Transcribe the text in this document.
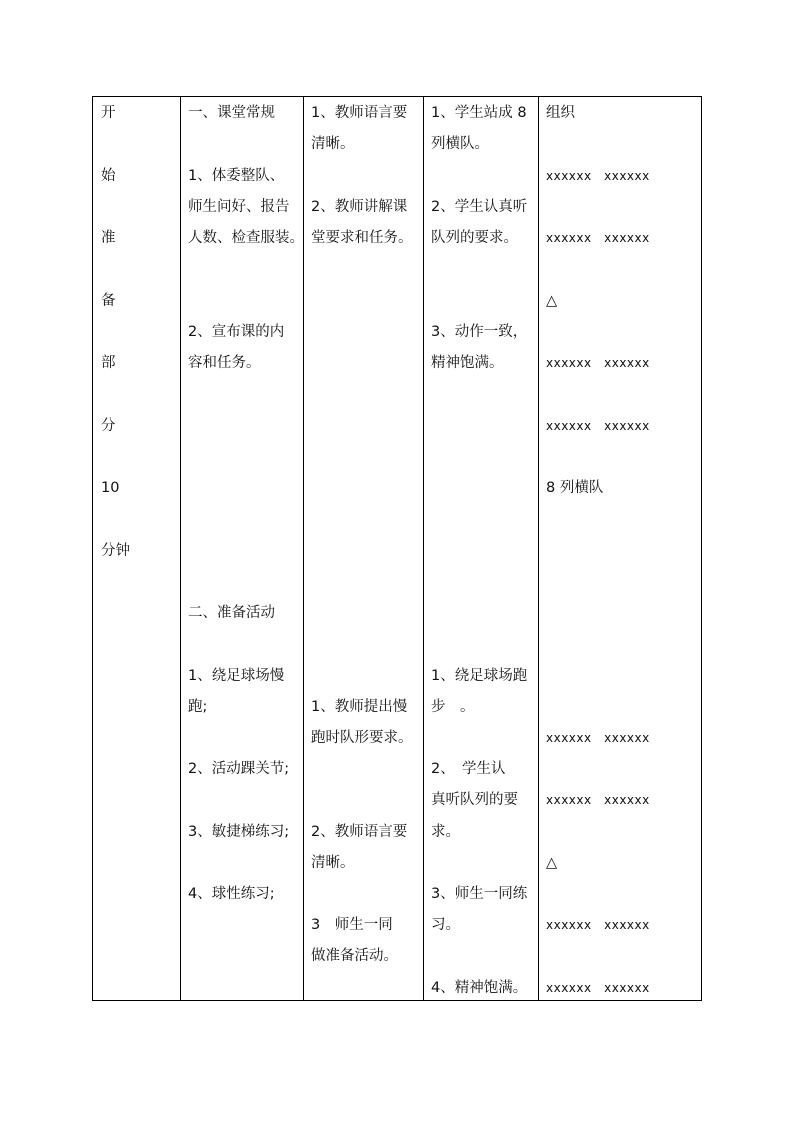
开
始
准
备
部
分
10
分钟
一、课堂常规
1、体委整队、
师生问好、报告
人数、检查服装。
2、宣布课的内
容和任务。
二、准备活动
1、绕足球场慢
跑;
2、活动踝关节;
3、敏捷梯练习;
4、球性练习;
1、教师语言要
清晰。
2、教师讲解课
堂要求和任务。
1、教师提出慢
跑时队形要求。
2、教师语言要
清晰。
3　师生一同
做准备活动。
1、学生站成 8
列横队。
2、学生认真听
队列的要求。
3、动作一致，
精神饱满。
1、绕足球场跑
步　。
2、　学生认
真听队列的要
求。
3、师生一同练
习。
4、精神饱满。
组织
xxxxxx　xxxxxx
xxxxxx　xxxxxx
△
xxxxxx　xxxxxx
xxxxxx　xxxxxx
8 列横队
xxxxxx　xxxxxx
xxxxxx　xxxxxx
△
xxxxxx　xxxxxx
xxxxxx　xxxxxx
